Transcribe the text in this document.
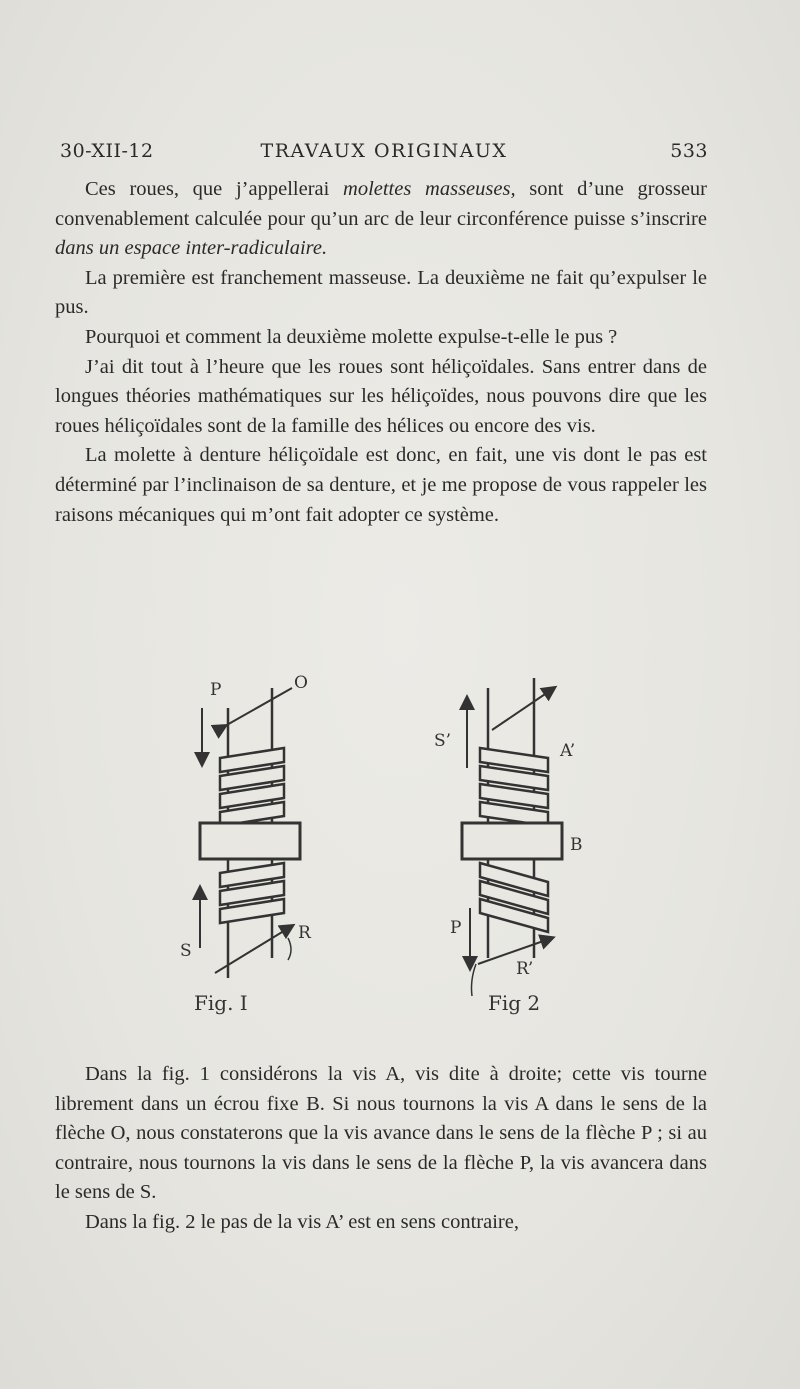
30-XII-12	TRAVAUX ORIGINAUX	533

Ces roues, que j’appellerai molettes masseuses, sont d’une grosseur convenablement calculée pour qu’un arc de leur circonférence puisse s’inscrire dans un espace inter-radiculaire.

La première est franchement masseuse. La deuxième ne fait qu’expulser le pus.

Pourquoi et comment la deuxième molette expulse-t-elle le pus ?

J’ai dit tout à l’heure que les roues sont héliçoïdales. Sans entrer dans de longues théories mathématiques sur les héliçoïdes, nous pouvons dire que les roues héliçoïdales sont de la famille des hélices ou encore des vis.

La molette à denture héliçoïdale est donc, en fait, une vis dont le pas est déterminé par l’inclinaison de sa denture, et je me propose de vous rappeler les raisons mécaniques qui m’ont fait adopter ce système.

P	O
S
R
Fig. I
S’	A’
B
P
R’
Fig 2

Dans la fig. 1 considérons la vis A, vis dite à droite; cette vis tourne librement dans un écrou fixe B. Si nous tournons la vis A dans le sens de la flèche O, nous constaterons que la vis avance dans le sens de la flèche P ; si au contraire, nous tournons la vis dans le sens de la flèche P, la vis avancera dans le sens de S.

Dans la fig. 2 le pas de la vis A’ est en sens contraire,
